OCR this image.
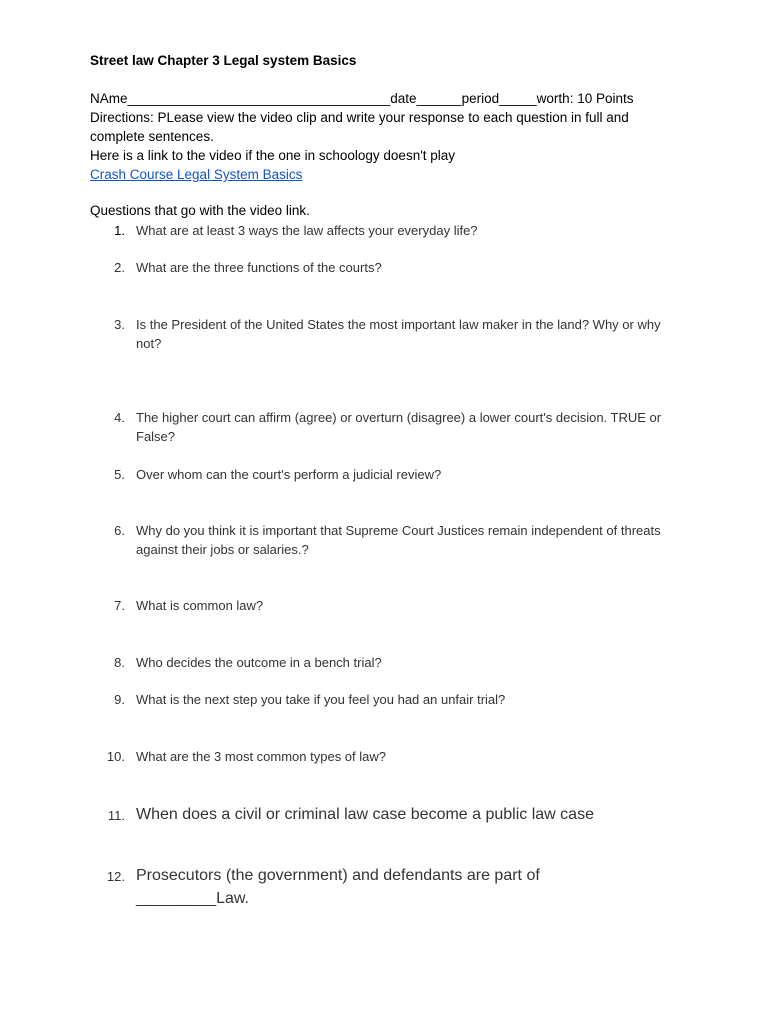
Street law Chapter 3 Legal system Basics
NAme___________________________________date______period_____worth: 10 Points
Directions: PLease view the video clip and write your response to each question in full and
complete sentences.
Here is a link to the video if the one in schoology doesn't play
Crash Course Legal System Basics
Questions that go with the video link.
1. What are at least 3 ways the law affects your everyday life?
2. What are the three functions of the courts?
3. Is the President of the United States the most important law maker in the land? Why or why not?
4. The higher court can affirm (agree) or overturn (disagree) a lower court's decision. TRUE or False?
5. Over whom can the court's perform a judicial review?
6. Why do you think it is important that Supreme Court Justices remain independent of threats against their jobs or salaries.?
7. What is common law?
8. Who decides the outcome in a bench trial?
9. What is the next step you take if you feel you had an unfair trial?
10. What are the 3 most common types of law?
11. When does a civil or criminal law case become a public law case
12. Prosecutors (the government) and defendants are part of _________Law.
